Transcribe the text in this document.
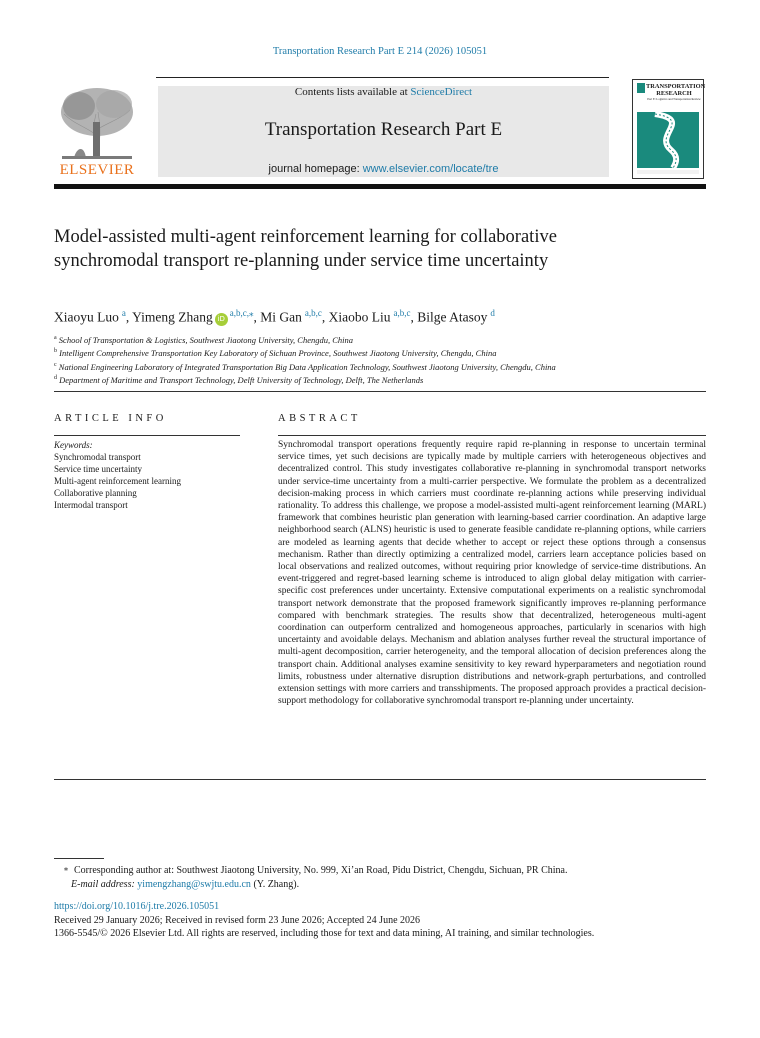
Transportation Research Part E 214 (2026) 105051
ELSEVIER
Contents lists available at ScienceDirect
Transportation Research Part E
journal homepage: www.elsevier.com/locate/tre
TRANSPORTATION RESEARCH
Part E: Logistics and Transportation Review
Model-assisted multi-agent reinforcement learning for collaborative synchromodal transport re-planning under service time uncertainty
Xiaoyu Luo $^a$, Yimeng Zhang iD$^{a,b,c,⁎}$, Mi Gan $^{a,b,c}$, Xiaobo Liu $^{a,b,c}$, Bilge Atasoy $^d$
$^a$ School of Transportation & Logistics, Southwest Jiaotong University, Chengdu, China
$^b$ Intelligent Comprehensive Transportation Key Laboratory of Sichuan Province, Southwest Jiaotong University, Chengdu, China
$^c$ National Engineering Laboratory of Integrated Transportation Big Data Application Technology, Southwest Jiaotong University, Chengdu, China
$^d$ Department of Maritime and Transport Technology, Delft University of Technology, Delft, The Netherlands
ARTICLE INFO	ABSTRACT
Keywords:
Synchromodal transport
Service time uncertainty
Multi-agent reinforcement learning
Collaborative planning
Intermodal transport
Synchromodal transport operations frequently require rapid re-planning in response to uncertain terminal service times, yet such decisions are typically made by multiple carriers with heterogeneous objectives and decentralized control. This study investigates collaborative re-planning in synchromodal transport networks under service-time uncertainty from a multi-carrier perspective. We formulate the problem as a decentralized decision-making process in which carriers must coordinate re-planning actions while preserving individual rationality. To address this challenge, we propose a model-assisted multi-agent reinforcement learning (MARL) framework that combines heuristic plan generation with learning-based carrier coordination. An adaptive large neighborhood search (ALNS) heuristic is used to generate feasible candidate re-planning options, while carriers are modeled as learning agents that decide whether to accept or reject these options through a consensus mechanism. Rather than directly optimizing a centralized model, carriers learn acceptance policies based on local observations and realized outcomes, without requiring prior knowledge of service-time distributions. An event-triggered and regret-based learning scheme is introduced to align global delay mitigation with carrier-specific cost preferences under uncertainty. Extensive computational experiments on a realistic synchromodal transport network demonstrate that the proposed framework significantly improves re-planning performance compared with benchmark strategies. The results show that decentralized, heterogeneous multi-agent coordination can outperform centralized and homogeneous approaches, particularly in scenarios with high uncertainty and avoidable delays. Mechanism and ablation analyses further reveal the structural importance of multi-agent decomposition, carrier heterogeneity, and the temporal allocation of decision preferences along the transport chain. Additional analyses examine sensitivity to key reward hyperparameters and negotiation round limits, robustness under alternative disruption distributions and network-graph perturbations, and controlled extension settings with more carriers and transshipments. The proposed approach provides a practical decision-support methodology for collaborative synchromodal transport re-planning under uncertainty.
⁎ Corresponding author at: Southwest Jiaotong University, No. 999, Xi’an Road, Pidu District, Chengdu, Sichuan, PR China.
E-mail address: yimengzhang@swjtu.edu.cn (Y. Zhang).
https://doi.org/10.1016/j.tre.2026.105051
Received 29 January 2026; Received in revised form 23 June 2026; Accepted 24 June 2026
1366-5545/© 2026 Elsevier Ltd. All rights are reserved, including those for text and data mining, AI training, and similar technologies.
